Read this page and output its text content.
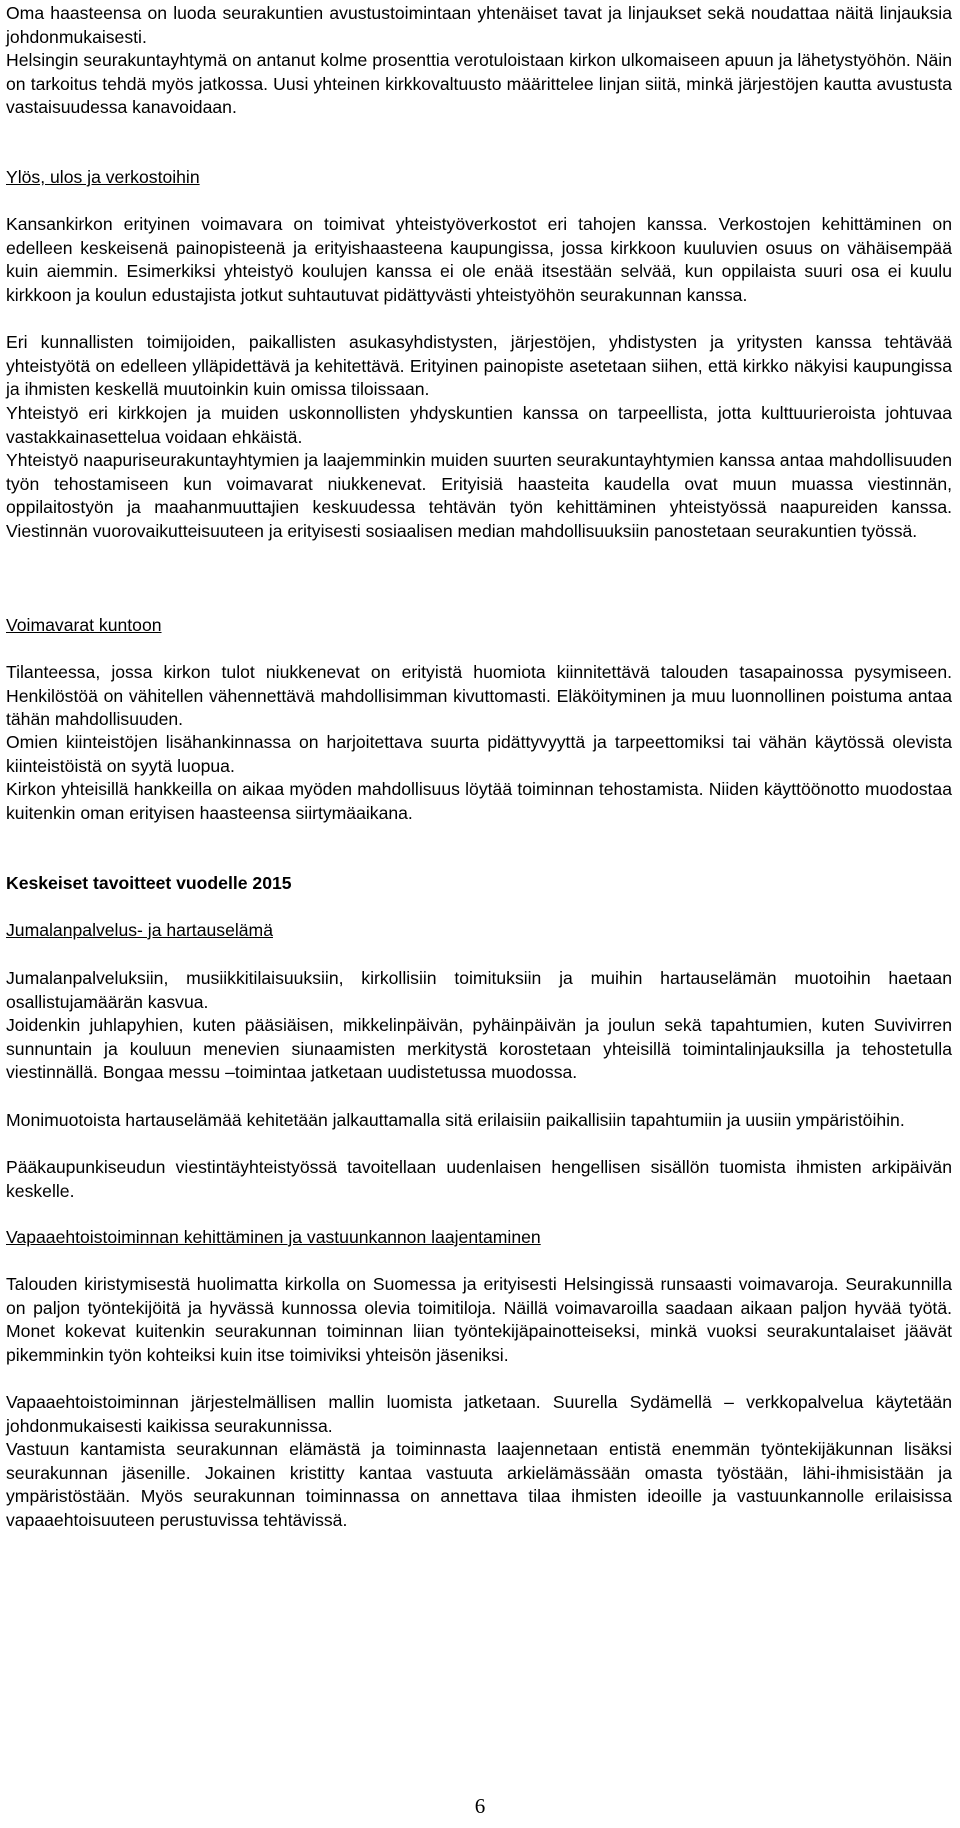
Oma haasteensa on luoda seurakuntien avustustoimintaan yhtenäiset tavat ja linjaukset sekä noudattaa näitä linjauksia johdonmukaisesti.

Helsingin seurakuntayhtymä on antanut kolme prosenttia verotuloistaan kirkon ulkomaiseen apuun ja lähetystyöhön. Näin on tarkoitus tehdä myös jatkossa. Uusi yhteinen kirkkovaltuusto määrittelee linjan siitä, minkä järjestöjen kautta avustusta vastaisuudessa kanavoidaan.

Ylös, ulos ja verkostoihin

Kansankirkon erityinen voimavara on toimivat yhteistyöverkostot eri tahojen kanssa. Verkostojen kehittäminen on edelleen keskeisenä painopisteenä ja erityishaasteena kaupungissa, jossa kirkkoon kuuluvien osuus on vähäisempää kuin aiemmin. Esimerkiksi yhteistyö koulujen kanssa ei ole enää itsestään selvää, kun oppilaista suuri osa ei kuulu kirkkoon ja koulun edustajista jotkut suhtautuvat pidättyvästi yhteistyöhön seurakunnan kanssa.

Eri kunnallisten toimijoiden, paikallisten asukasyhdistysten, järjestöjen, yhdistysten ja yritysten kanssa tehtävää yhteistyötä on edelleen ylläpidettävä ja kehitettävä. Erityinen painopiste asetetaan siihen, että kirkko näkyisi kaupungissa ja ihmisten keskellä muutoinkin kuin omissa tiloissaan.

Yhteistyö eri kirkkojen ja muiden uskonnollisten yhdyskuntien kanssa on tarpeellista, jotta kulttuurieroista johtuvaa vastakkainasettelua voidaan ehkäistä.

Yhteistyö naapuriseurakuntayhtymien ja laajemminkin muiden suurten seurakuntayhtymien kanssa antaa mahdollisuuden työn tehostamiseen kun voimavarat niukkenevat. Erityisiä haasteita kaudella ovat muun muassa viestinnän, oppilaitostyön ja maahanmuuttajien keskuudessa tehtävän työn kehittäminen yhteistyössä naapureiden kanssa. Viestinnän vuorovaikutteisuuteen ja erityisesti sosiaalisen median mahdollisuuksiin panostetaan seurakuntien työssä.

Voimavarat kuntoon

Tilanteessa, jossa kirkon tulot niukkenevat on erityistä huomiota kiinnitettävä talouden tasapainossa pysymiseen. Henkilöstöä on vähitellen vähennettävä mahdollisimman kivuttomasti. Eläköityminen ja muu luonnollinen poistuma antaa tähän mahdollisuuden.

Omien kiinteistöjen lisähankinnassa on harjoitettava suurta pidättyvyyttä ja tarpeettomiksi tai vähän käytössä olevista kiinteistöistä on syytä luopua.

Kirkon yhteisillä hankkeilla on aikaa myöden mahdollisuus löytää toiminnan tehostamista. Niiden käyttöönotto muodostaa kuitenkin oman erityisen haasteensa siirtymäaikana.

Keskeiset tavoitteet vuodelle 2015

Jumalanpalvelus- ja hartauselämä

Jumalanpalveluksiin, musiikkitilaisuuksiin, kirkollisiin toimituksiin ja muihin hartauselämän muotoihin haetaan osallistujamäärän kasvua.

Joidenkin juhlapyhien, kuten pääsiäisen, mikkelinpäivän, pyhäinpäivän ja joulun sekä tapahtumien, kuten Suvivirren sunnuntain ja kouluun menevien siunaamisten merkitystä korostetaan yhteisillä toimintalinjauksilla ja tehostetulla viestinnällä. Bongaa messu –toimintaa jatketaan uudistetussa muodossa.

Monimuotoista hartauselämää kehitetään jalkauttamalla sitä erilaisiin paikallisiin tapahtumiin ja uusiin ympäristöihin.

Pääkaupunkiseudun viestintäyhteistyössä tavoitellaan uudenlaisen hengellisen sisällön tuomista ihmisten arkipäivän keskelle.

Vapaaehtoistoiminnan kehittäminen ja vastuunkannon laajentaminen

Talouden kiristymisestä huolimatta kirkolla on Suomessa ja erityisesti Helsingissä runsaasti voimavaroja. Seurakunnilla on paljon työntekijöitä ja hyvässä kunnossa olevia toimitiloja. Näillä voimavaroilla saadaan aikaan paljon hyvää työtä. Monet kokevat kuitenkin seurakunnan toiminnan liian työntekijäpainotteiseksi, minkä vuoksi seurakuntalaiset jäävät pikemminkin työn kohteiksi kuin itse toimiviksi yhteisön jäseniksi.

Vapaaehtoistoiminnan järjestelmällisen mallin luomista jatketaan. Suurella Sydämellä – verkkopalvelua käytetään johdonmukaisesti kaikissa seurakunnissa.

Vastuun kantamista seurakunnan elämästä ja toiminnasta laajennetaan entistä enemmän työntekijäkunnan lisäksi seurakunnan jäsenille. Jokainen kristitty kantaa vastuuta arkielämässään omasta työstään, lähi-ihmisistään ja ympäristöstään. Myös seurakunnan toiminnassa on annettava tilaa ihmisten ideoille ja vastuunkannolle erilaisissa vapaaehtoisuuteen perustuvissa tehtävissä.

6
